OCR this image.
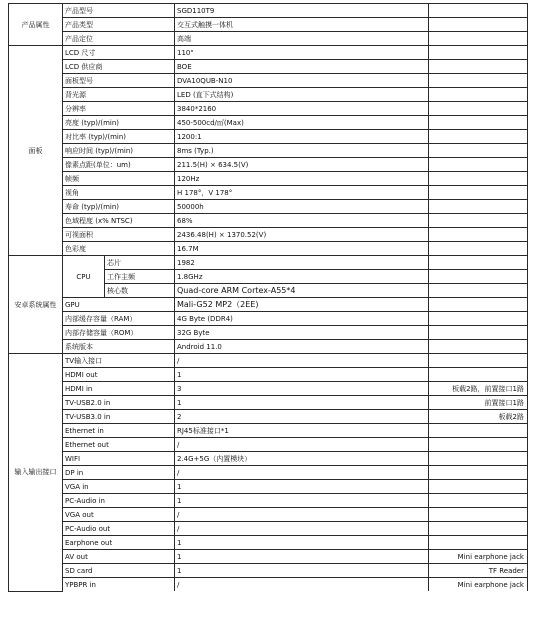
产品属性	产品型号		SGD110T9	
	产品类型		交互式触摸一体机	
	产品定位		高端	
面板	LCD 尺寸		110"	
	LCD 供应商		BOE	
	面板型号		DVA10QUB-N10	
	背光源		LED (直下式结构)	
	分辨率		3840*2160	
	亮度 (typ)/(min)		450-500cd/㎡(Max)	
	对比率 (typ)/(min)		1200:1	
	响应时间 (typ)/(min)		8ms (Typ.)	
	像素点距(单位：um)		211.5(H) × 634.5(V)	
	帧频		120Hz	
	视角		H 178°，V 178°	
	寿命 (typ)/(min)		50000h	
	色域程度 (x% NTSC)		68%	
	可视面积		2436.48(H) × 1370.52(V)	
	色彩度		16.7M	
安卓系统属性	CPU	芯片	1982	
		工作主频	1.8GHz	
		核心数	Quad-core ARM Cortex-A55*4	
	GPU		Mali-G52 MP2（2EE)	
	内部缓存容量（RAM）		4G Byte (DDR4)	
	内部存储容量（ROM）		32G Byte	
	系统版本		Android 11.0	
输入输出接口	TV输入接口		/	
	HDMI out		1	
	HDMI in		3	板载2路，前置接口1路
	TV-USB2.0 in		1	前置接口1路
	TV-USB3.0 in		2	板载2路
	Ethernet in		RJ45标准接口*1	
	Ethernet out		/	
	WIFI		2.4G+5G（内置模块）	
	DP in		/	
	VGA in		1	
	PC-Audio in		1	
	VGA out		/	
	PC-Audio out		/	
	Earphone out		1	
	AV out		1	Mini earphone jack
	SD card		1	TF Reader
	YPBPR in		/	Mini earphone jack
